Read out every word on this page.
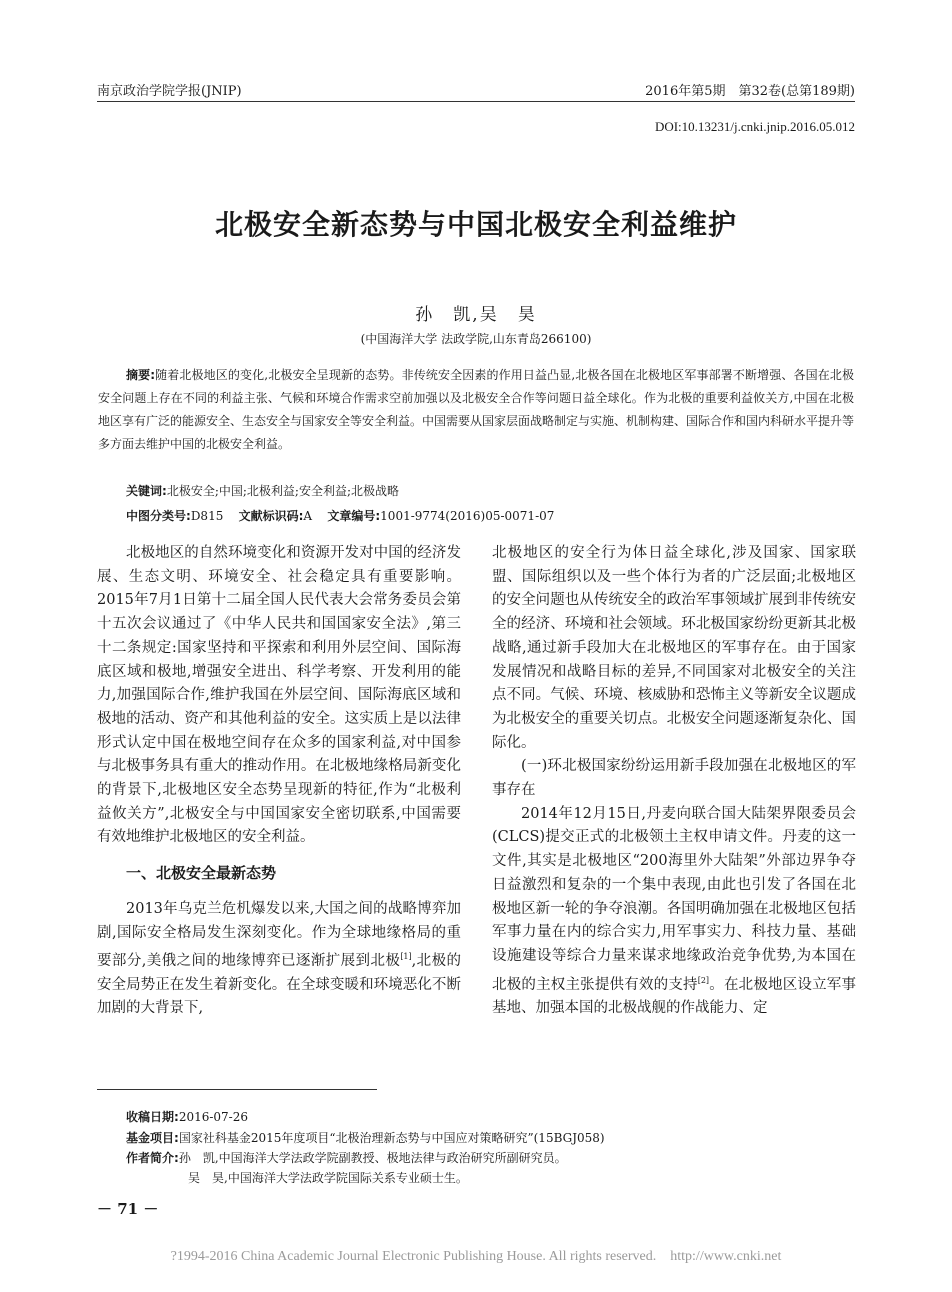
南京政治学院学报(JNIP)	2016年第5期　第32卷(总第189期)
DOI:10.13231/j.cnki.jnip.2016.05.012
北极安全新态势与中国北极安全利益维护
孙　凯,吴　昊
(中国海洋大学 法政学院,山东青岛266100)
摘要:随着北极地区的变化,北极安全呈现新的态势。非传统安全因素的作用日益凸显,北极各国在北极地区军事部署不断增强、各国在北极安全问题上存在不同的利益主张、气候和环境合作需求空前加强以及北极安全合作等问题日益全球化。作为北极的重要利益攸关方,中国在北极地区享有广泛的能源安全、生态安全与国家安全等安全利益。中国需要从国家层面战略制定与实施、机制构建、国际合作和国内科研水平提升等多方面去维护中国的北极安全利益。
关键词:北极安全;中国;北极利益;安全利益;北极战略
中图分类号:D815 文献标识码:A 文章编号:1001-9774(2016)05-0071-07

北极地区的自然环境变化和资源开发对中国的经济发展、生态文明、环境安全、社会稳定具有重要影响。2015年7月1日第十二届全国人民代表大会常务委员会第十五次会议通过了《中华人民共和国国家安全法》,第三十二条规定:国家坚持和平探索和利用外层空间、国际海底区域和极地,增强安全进出、科学考察、开发利用的能力,加强国际合作,维护我国在外层空间、国际海底区域和极地的活动、资产和其他利益的安全。这实质上是以法律形式认定中国在极地空间存在众多的国家利益,对中国参与北极事务具有重大的推动作用。在北极地缘格局新变化的背景下,北极地区安全态势呈现新的特征,作为“北极利益攸关方”,北极安全与中国国家安全密切联系,中国需要有效地维护北极地区的安全利益。

一、北极安全最新态势

2013年乌克兰危机爆发以来,大国之间的战略博弈加剧,国际安全格局发生深刻变化。作为全球地缘格局的重要部分,美俄之间的地缘博弈已逐渐扩展到北极[1],北极的安全局势正在发生着新变化。在全球变暖和环境恶化不断加剧的大背景下,

北极地区的安全行为体日益全球化,涉及国家、国家联盟、国际组织以及一些个体行为者的广泛层面;北极地区的安全问题也从传统安全的政治军事领域扩展到非传统安全的经济、环境和社会领域。环北极国家纷纷更新其北极战略,通过新手段加大在北极地区的军事存在。由于国家发展情况和战略目标的差异,不同国家对北极安全的关注点不同。气候、环境、核威胁和恐怖主义等新安全议题成为北极安全的重要关切点。北极安全问题逐渐复杂化、国际化。

(一)环北极国家纷纷运用新手段加强在北极地区的军事存在

2014年12月15日,丹麦向联合国大陆架界限委员会(CLCS)提交正式的北极领土主权申请文件。丹麦的这一文件,其实是北极地区“200海里外大陆架”外部边界争夺日益激烈和复杂的一个集中表现,由此也引发了各国在北极地区新一轮的争夺浪潮。各国明确加强在北极地区包括军事力量在内的综合实力,用军事实力、科技力量、基础设施建设等综合力量来谋求地缘政治竞争优势,为本国在北极的主权主张提供有效的支持[2]。在北极地区设立军事基地、加强本国的北极战舰的作战能力、定

收稿日期:2016-07-26
基金项目:国家社科基金2015年度项目“北极治理新态势与中国应对策略研究”(15BGJ058)
作者简介:孙　凯,中国海洋大学法政学院副教授、极地法律与政治研究所副研究员。
吴　昊,中国海洋大学法政学院国际关系专业硕士生。
－ 71 －
?1994-2016 China Academic Journal Electronic Publishing House. All rights reserved.　http://www.cnki.net
